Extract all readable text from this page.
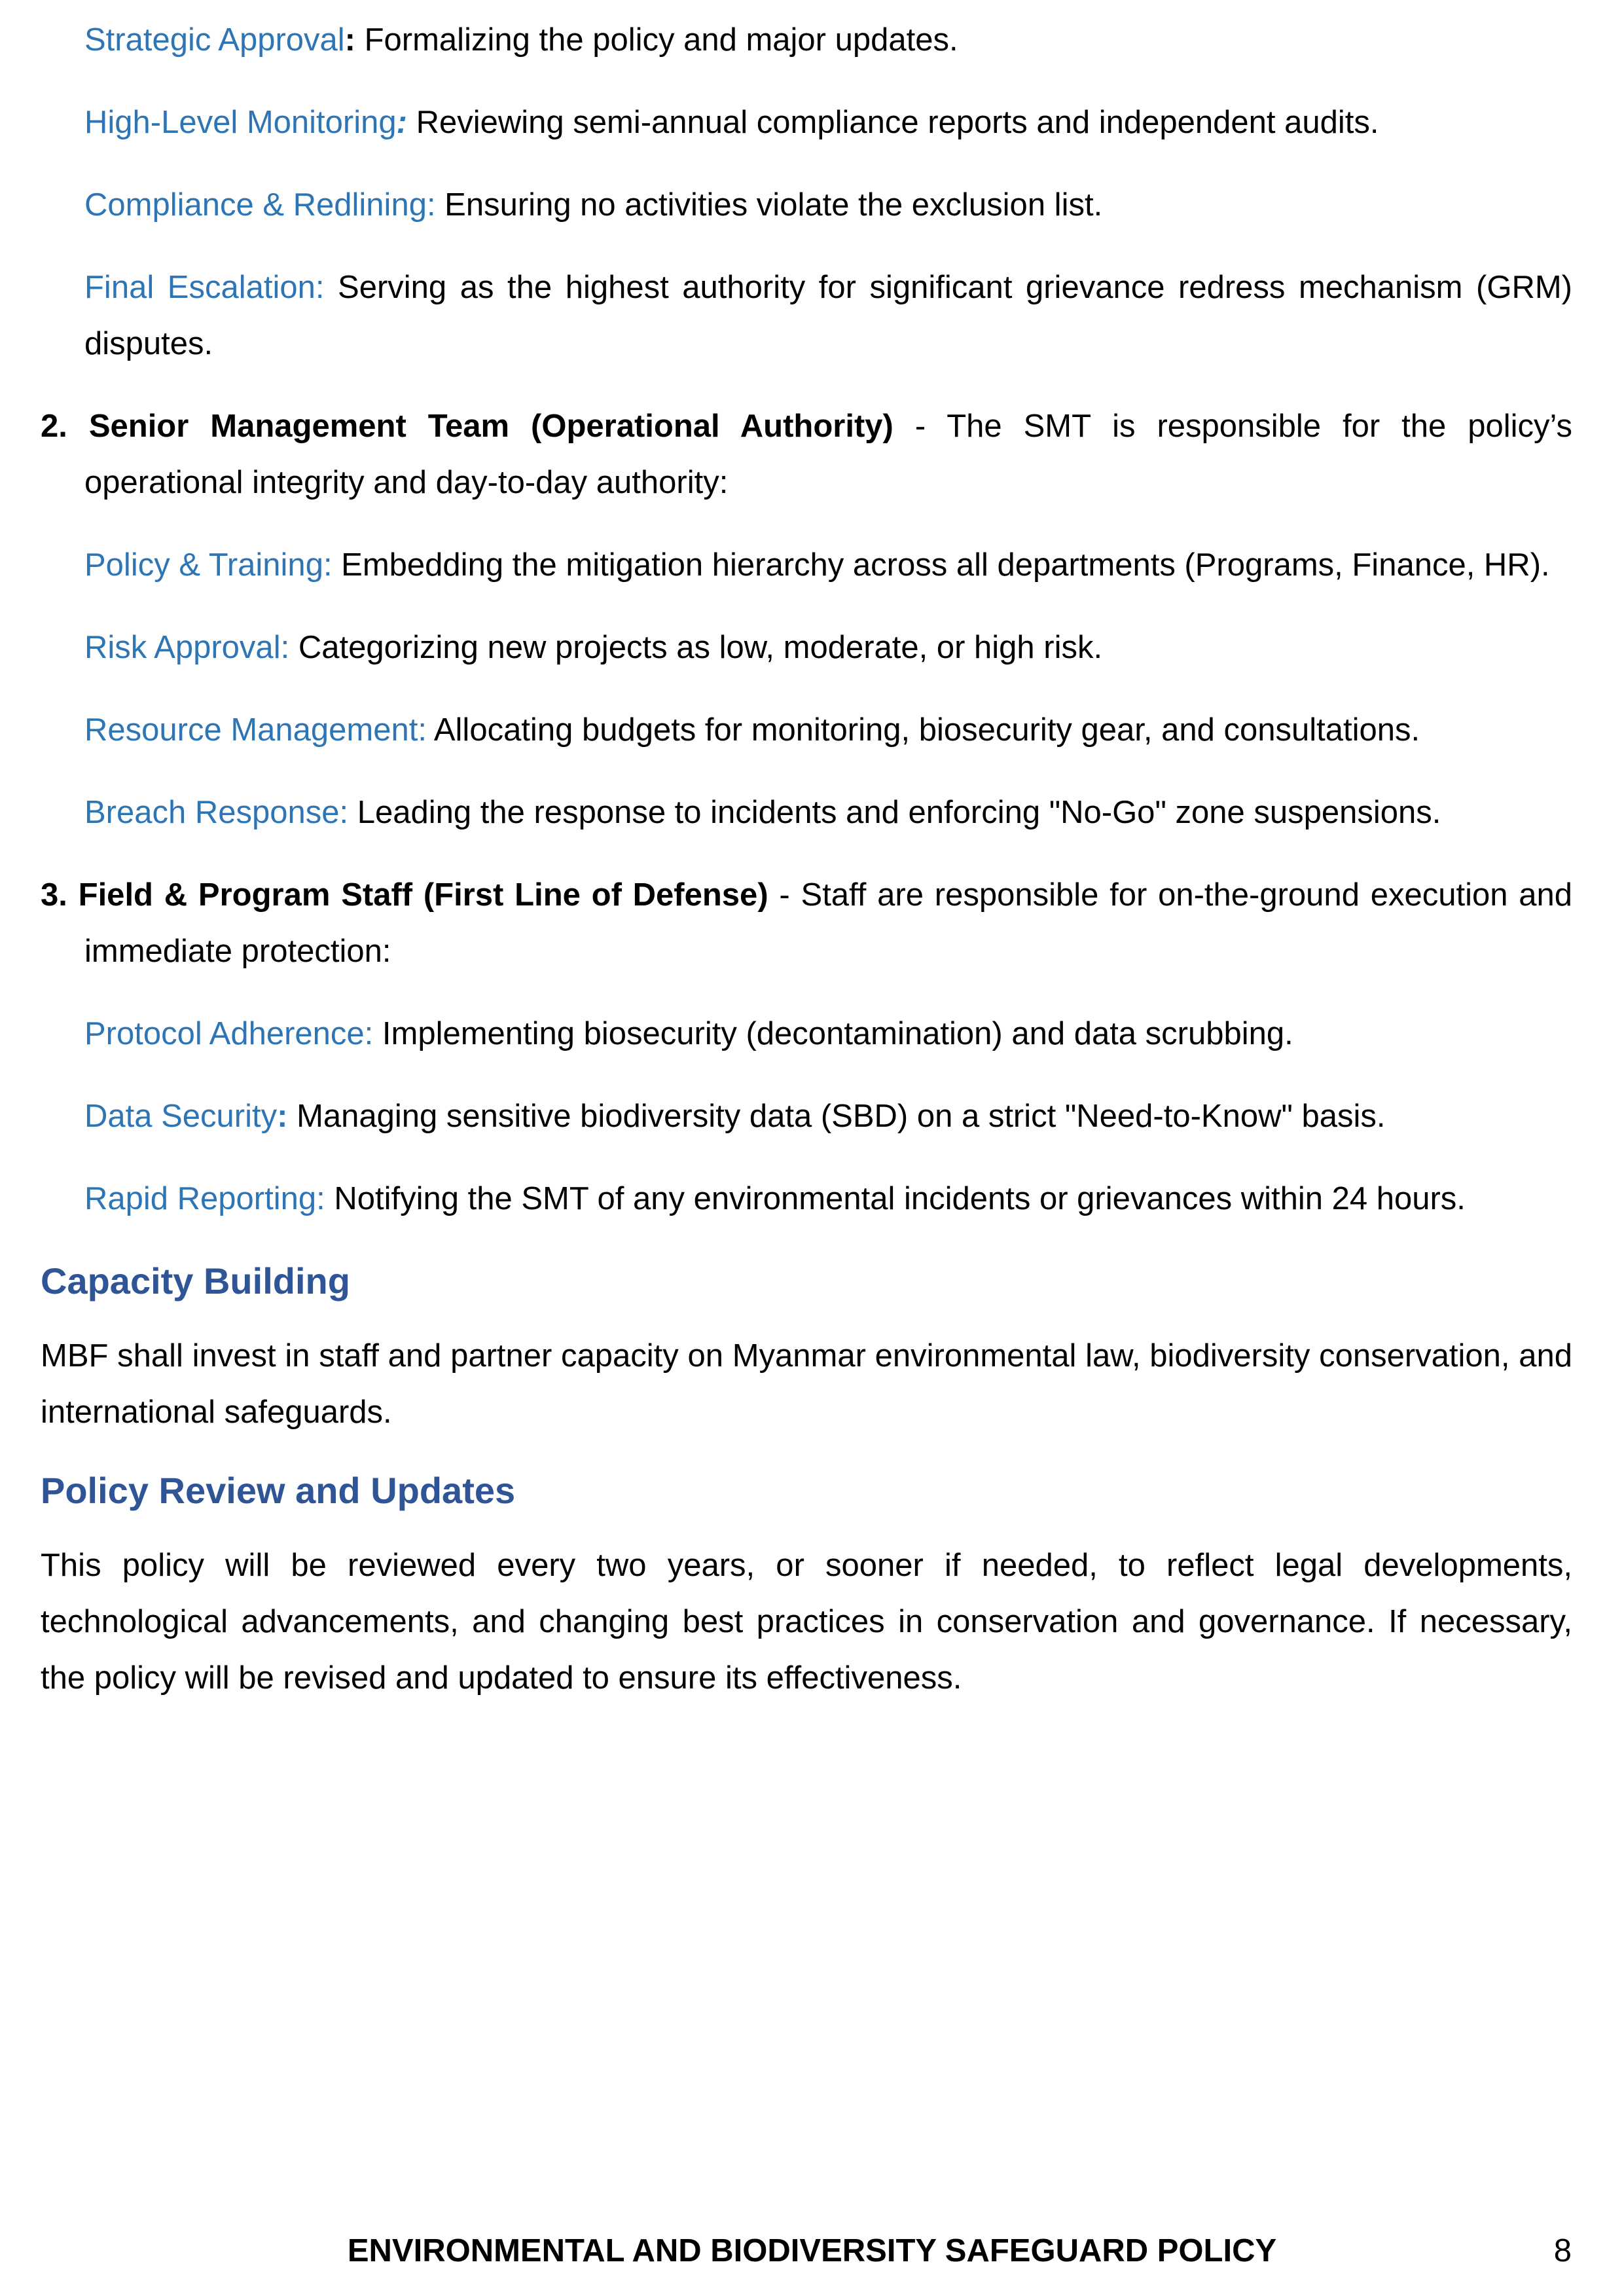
Strategic Approval: Formalizing the policy and major updates.

High-Level Monitoring: Reviewing semi-annual compliance reports and independent audits.

Compliance & Redlining: Ensuring no activities violate the exclusion list.

Final Escalation: Serving as the highest authority for significant grievance redress mechanism (GRM) disputes.

2. Senior Management Team (Operational Authority) - The SMT is responsible for the policy’s operational integrity and day-to-day authority:

Policy & Training: Embedding the mitigation hierarchy across all departments (Programs, Finance, HR).

Risk Approval: Categorizing new projects as low, moderate, or high risk.

Resource Management: Allocating budgets for monitoring, biosecurity gear, and consultations.

Breach Response: Leading the response to incidents and enforcing "No-Go" zone suspensions.

3. Field & Program Staff (First Line of Defense) - Staff are responsible for on-the-ground execution and immediate protection:

Protocol Adherence: Implementing biosecurity (decontamination) and data scrubbing.

Data Security: Managing sensitive biodiversity data (SBD) on a strict "Need-to-Know" basis.

Rapid Reporting: Notifying the SMT of any environmental incidents or grievances within 24 hours.

Capacity Building

MBF shall invest in staff and partner capacity on Myanmar environmental law, biodiversity conservation, and international safeguards.

Policy Review and Updates

This policy will be reviewed every two years, or sooner if needed, to reflect legal developments, technological advancements, and changing best practices in conservation and governance. If necessary, the policy will be revised and updated to ensure its effectiveness.

ENVIRONMENTAL AND BIODIVERSITY SAFEGUARD POLICY	8
